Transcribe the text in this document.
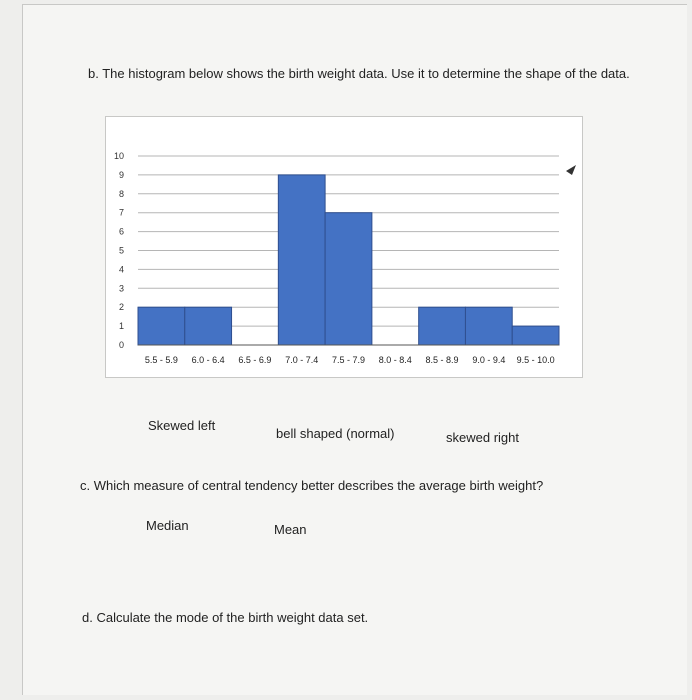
b. The histogram below shows the birth weight data. Use it to determine the shape of the data.
0
1
2
3
4
5
6
7
8
9
10
5.5 - 5.9 6.0 - 6.4 6.5 - 6.9 7.0 - 7.4 7.5 - 7.9 8.0 - 8.4 8.5 - 8.9 9.0 - 9.4 9.5 - 10.0
Skewed left
bell shaped (normal)	skewed right
c. Which measure of central tendency better describes the average birth weight?
Median	Mean
d. Calculate the mode of the birth weight data set.
